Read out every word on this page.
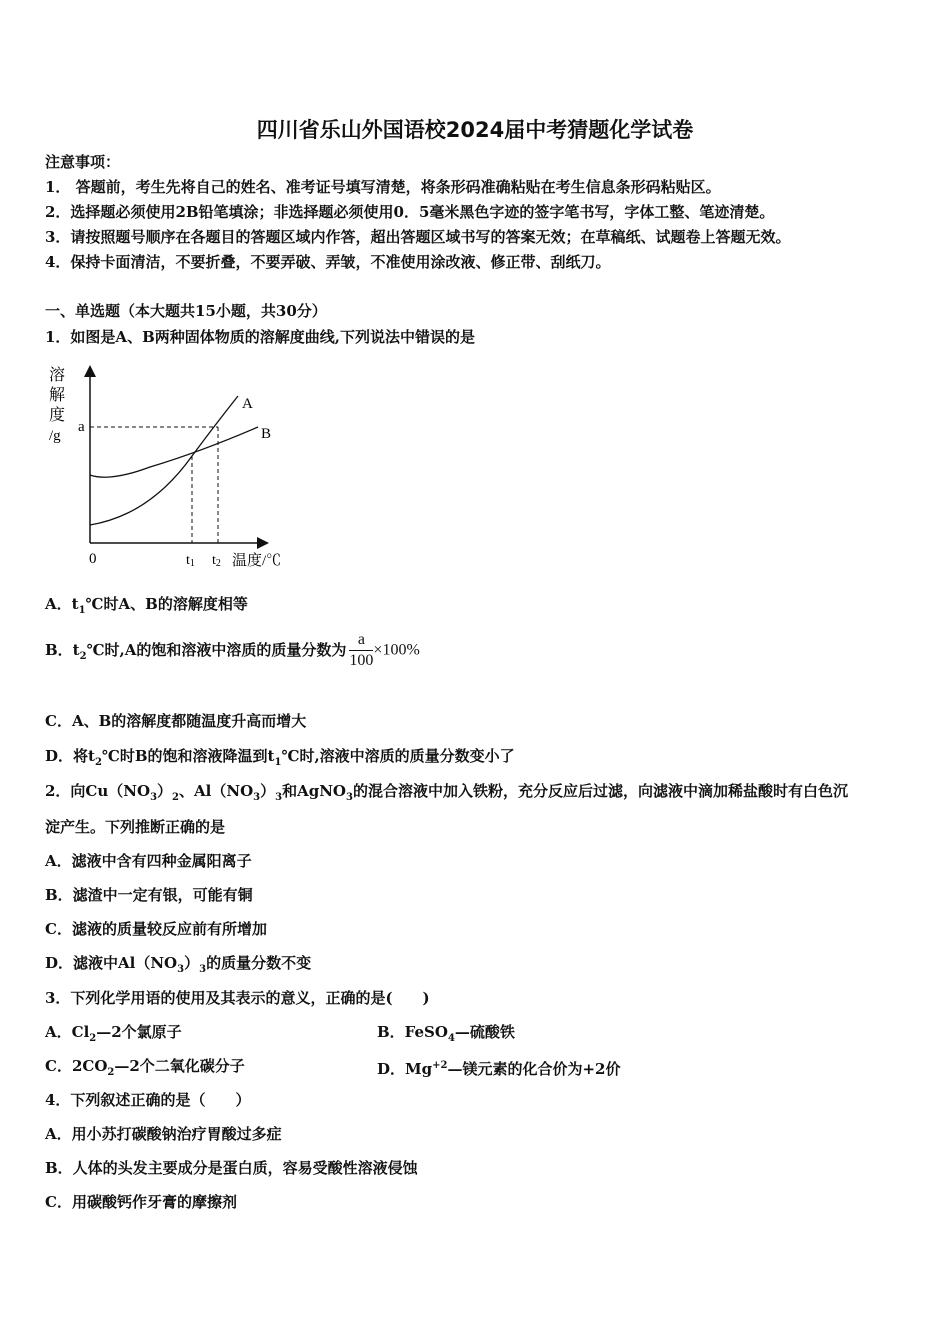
四川省乐山外国语校2024届中考猜题化学试卷
注意事项：
1． 答题前，考生先将自己的姓名、准考证号填写清楚，将条形码准确粘贴在考生信息条形码粘贴区。
2．选择题必须使用2B铅笔填涂；非选择题必须使用0．5毫米黑色字迹的签字笔书写，字体工整、笔迹清楚。
3．请按照题号顺序在各题目的答题区域内作答，超出答题区域书写的答案无效；在草稿纸、试题卷上答题无效。
4．保持卡面清洁，不要折叠，不要弄破、弄皱，不准使用涂改液、修正带、刮纸刀。
一、单选题（本大题共15小题，共30分）
1．如图是A、B两种固体物质的溶解度曲线,下列说法中错误的是
溶
解
度
/g
a
0	t1 t2 温度/℃
A
B
A．$t_1℃$时A、B的溶解度相等
B．$t_2℃$时,A的饱和溶液中溶质的质量分数为 $\frac{a}{100} \times 100\%$
C．A、B的溶解度都随温度升高而增大
D．将$t_2℃$时B的饱和溶液降温到$t_1℃$时,溶液中溶质的质量分数变小了
2．向$Cu(NO_3)_2$、$Al(NO_3)_3$和AgNO$_3$的混合溶液中加入铁粉，充分反应后过滤，向滤液中滴加稀盐酸时有白色沉
淀产生。下列推断正确的是
A．滤液中含有四种金属阳离子
B．滤渣中一定有银，可能有铜
C．滤液的质量较反应前有所增加
D．滤液中$Al(NO_3)_3$的质量分数不变
3．下列化学用语的使用及其表示的意义，正确的是(　　)
A．$Cl_2—2$个氯原子	B．FeSO$_4$—硫酸铁
C．$2CO_2—2$个二氧化碳分子	D．$Mg^{+2}—$镁元素的化合价为+2价
4．下列叙述正确的是（　　）
A．用小苏打碳酸钠治疗胃酸过多症
B．人体的头发主要成分是蛋白质，容易受酸性溶液侵蚀
C．用碳酸钙作牙膏的摩擦剂
